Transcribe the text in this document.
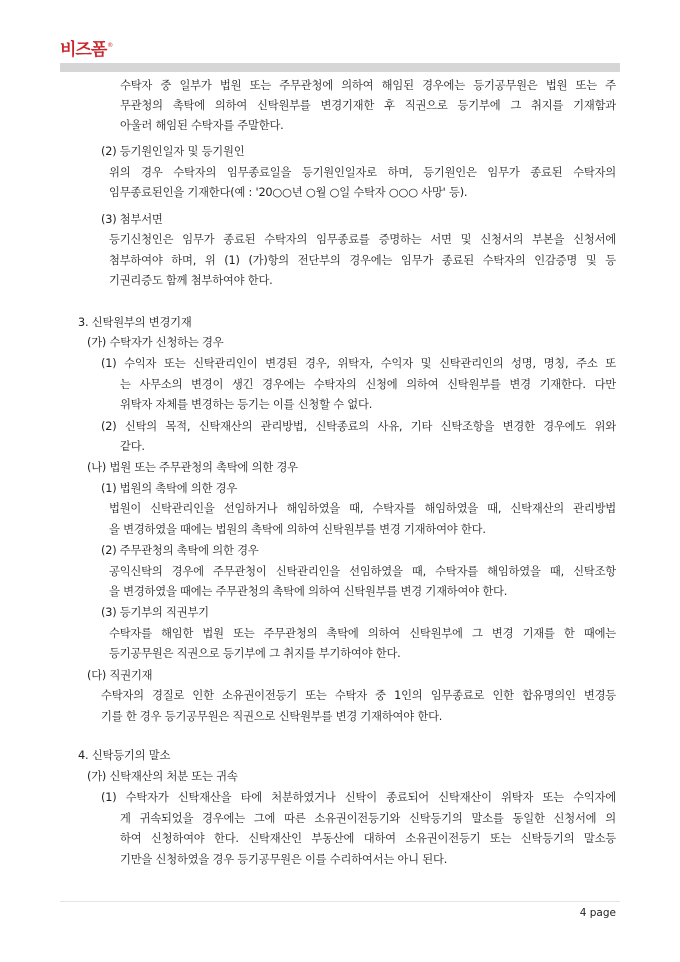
비즈폼 ®
수탁자 중 일부가 법원 또는 주무관청에 의하여 해임된 경우에는 등기공무원은 법원 또는 주
무관청의 촉탁에 의하여 신탁원부를 변경기재한 후 직권으로 등기부에 그 취지를 기재함과
아울러 해임된 수탁자를 주말한다.
(2) 등기원인일자 및 등기원인
위의 경우 수탁자의 임무종료일을 등기원인일자로 하며, 등기원인은 임무가 종료된 수탁자의
임무종료된인을 기재한다(예 : '20○○년 ○월 ○일 수탁자 ○○○ 사망' 등).
(3) 첨부서면
등기신청인은 임무가 종료된 수탁자의 임무종료를 증명하는 서면 및 신청서의 부본을 신청서에
첨부하여야 하며, 위 (1) (가)항의 전단부의 경우에는 임무가 종료된 수탁자의 인감증명 및 등
기권리증도 함께 첨부하여야 한다.
3. 신탁원부의 변경기재
(가) 수탁자가 신청하는 경우
(1) 수익자 또는 신탁관리인이 변경된 경우, 위탁자, 수익자 및 신탁관리인의 성명, 명칭, 주소 또
는 사무소의 변경이 생긴 경우에는 수탁자의 신청에 의하여 신탁원부를 변경 기재한다. 다만
위탁자 자체를 변경하는 등기는 이를 신청할 수 없다.
(2) 신탁의 목적, 신탁재산의 관리방법, 신탁종료의 사유, 기타 신탁조항을 변경한 경우에도 위와
같다.
(나) 법원 또는 주무관청의 촉탁에 의한 경우
(1) 법원의 촉탁에 의한 경우
법원이 신탁관리인을 선임하거나 해임하였을 때, 수탁자를 해임하였을 때, 신탁재산의 관리방법
을 변경하였을 때에는 법원의 촉탁에 의하여 신탁원부를 변경 기재하여야 한다.
(2) 주무관청의 촉탁에 의한 경우
공익신탁의 경우에 주무관청이 신탁관리인을 선임하였을 때, 수탁자를 해임하였을 때, 신탁조항
을 변경하였을 때에는 주무관청의 촉탁에 의하여 신탁원부를 변경 기재하여야 한다.
(3) 등기부의 직권부기
수탁자를 해임한 법원 또는 주무관청의 촉탁에 의하여 신탁원부에 그 변경 기재를 한 때에는
등기공무원은 직권으로 등기부에 그 취지를 부기하여야 한다.
(다) 직권기재
수탁자의 경질로 인한 소유권이전등기 또는 수탁자 중 1인의 임무종료로 인한 합유명의인 변경등
기를 한 경우 등기공무원은 직권으로 신탁원부를 변경 기재하여야 한다.
4. 신탁등기의 말소
(가) 신탁재산의 처분 또는 귀속
(1) 수탁자가 신탁재산을 타에 처분하였거나 신탁이 종료되어 신탁재산이 위탁자 또는 수익자에
게 귀속되었을 경우에는 그에 따른 소유권이전등기와 신탁등기의 말소를 동일한 신청서에 의
하여 신청하여야 한다. 신탁재산인 부동산에 대하여 소유권이전등기 또는 신탁등기의 말소등
기만을 신청하였을 경우 등기공무원은 이를 수리하여서는 아니 된다.
4 page
